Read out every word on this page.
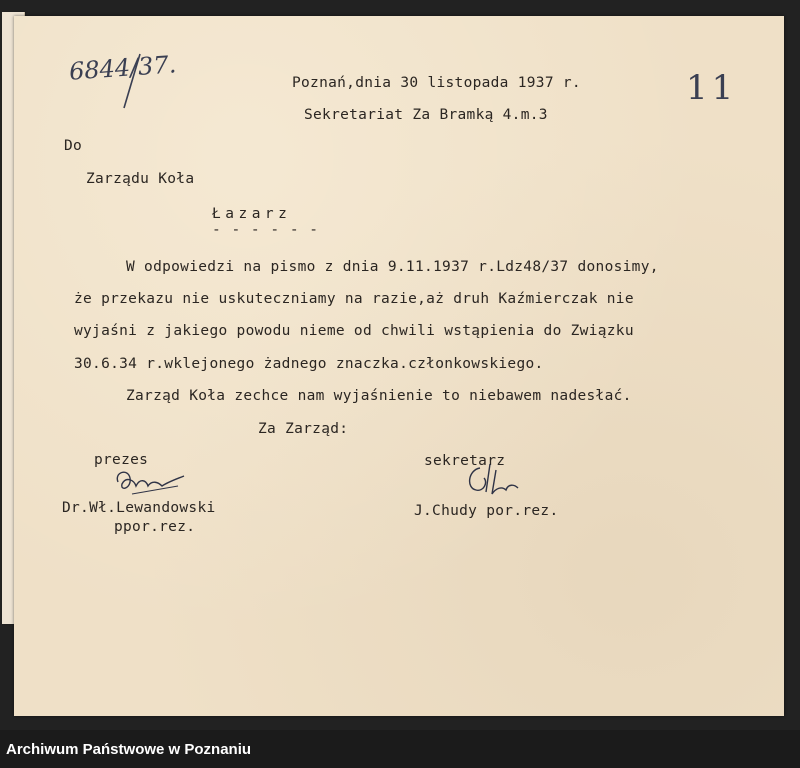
6844/37.
11
Poznań,dnia 30 listopada 1937 r.
Sekretariat Za Bramką 4.m.3
Do
Zarządu Koła
Łazarz
- - - - - -
W odpowiedzi na pismo z dnia 9.11.1937 r.Ldz48/37 donosimy,
że przekazu nie uskuteczniamy na razie,aż druh Kaźmierczak nie
wyjaśni z jakiego powodu nieme od chwili wstąpienia do Związku
30.6.34 r.wklejonego żadnego znaczka.członkowskiego.
Zarząd Koła zechce nam wyjaśnienie to niebawem nadesłać.
Za Zarząd:
prezes
Dr.Wł.Lewandowski
ppor.rez.
sekretarz
J.Chudy por.rez.
Archiwum Państwowe w Poznaniu
